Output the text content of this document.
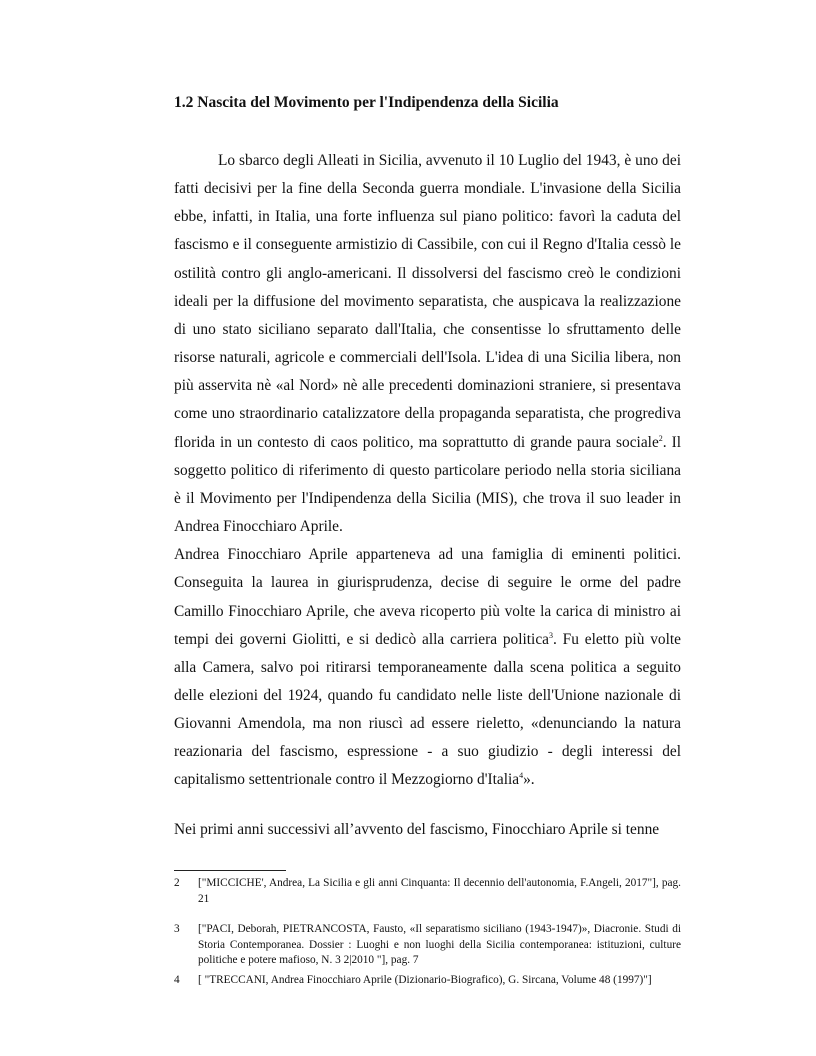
1.2 Nascita del Movimento per l'Indipendenza della Sicilia

Lo sbarco degli Alleati in Sicilia, avvenuto il 10 Luglio del 1943, è uno dei fatti decisivi per la fine della Seconda guerra mondiale. L'invasione della Sicilia ebbe, infatti, in Italia, una forte influenza sul piano politico: favorì la caduta del fascismo e il conseguente armistizio di Cassibile, con cui il Regno d'Italia cessò le ostilità contro gli anglo-americani. Il dissolversi del fascismo creò le condizioni ideali per la diffusione del movimento separatista, che auspicava la realizzazione di uno stato siciliano separato dall'Italia, che consentisse lo sfruttamento delle risorse naturali, agricole e commerciali dell'Isola. L'idea di una Sicilia libera, non più asservita nè «al Nord» nè alle precedenti dominazioni straniere, si presentava come uno straordinario catalizzatore della propaganda separatista, che progrediva florida in un contesto di caos politico, ma soprattutto di grande paura sociale$^2$. Il soggetto politico di riferimento di questo particolare periodo nella storia siciliana è il Movimento per l'Indipendenza della Sicilia (MIS), che trova il suo leader in Andrea Finocchiaro Aprile.

Andrea Finocchiaro Aprile apparteneva ad una famiglia di eminenti politici. Conseguita la laurea in giurisprudenza, decise di seguire le orme del padre Camillo Finocchiaro Aprile, che aveva ricoperto più volte la carica di ministro ai tempi dei governi Giolitti, e si dedicò alla carriera politica$^3$. Fu eletto più volte alla Camera, salvo poi ritirarsi temporaneamente dalla scena politica a seguito delle elezioni del 1924, quando fu candidato nelle liste dell'Unione nazionale di Giovanni Amendola, ma non riuscì ad essere rieletto, «denunciando la natura reazionaria del fascismo, espressione - a suo giudizio - degli interessi del capitalismo settentrionale contro il Mezzogiorno d'Italia$^4$».

Nei primi anni successivi all’avvento del fascismo, Finocchiaro Aprile si tenne

2 ["MICCICHE', Andrea, La Sicilia e gli anni Cinquanta: Il decennio dell'autonomia, F.Angeli, 2017"], pag. 21
3 ["PACI, Deborah, PIETRANCOSTA, Fausto, «Il separatismo siciliano (1943-1947)», Diacronie. Studi di Storia Contemporanea. Dossier : Luoghi e non luoghi della Sicilia contemporanea: istituzioni, culture politiche e potere mafioso, N. 3 2|2010 "], pag. 7
4 [ "TRECCANI, Andrea Finocchiaro Aprile (Dizionario-Biografico), G. Sircana, Volume 48 (1997)"]
